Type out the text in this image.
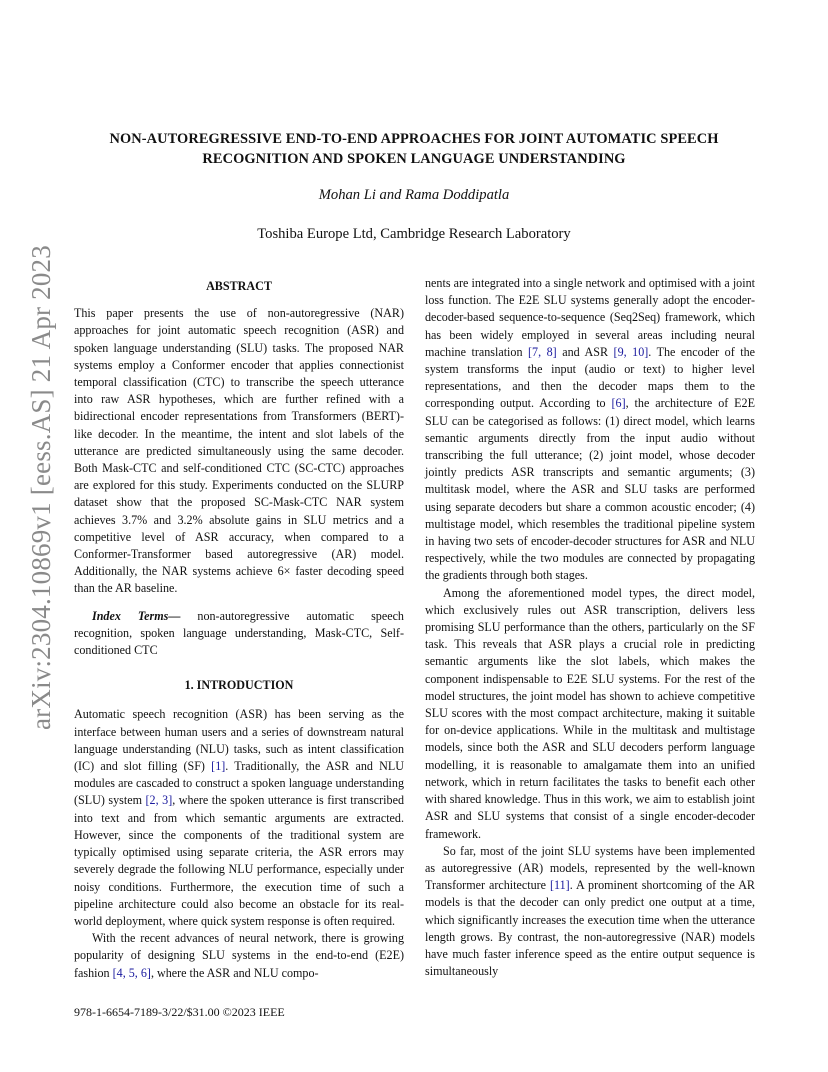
arXiv:2304.10869v1 [eess.AS] 21 Apr 2023
NON-AUTOREGRESSIVE END-TO-END APPROACHES FOR JOINT AUTOMATIC SPEECH
RECOGNITION AND SPOKEN LANGUAGE UNDERSTANDING
Mohan Li and Rama Doddipatla
Toshiba Europe Ltd, Cambridge Research Laboratory
ABSTRACT

This paper presents the use of non-autoregressive (NAR) approaches for joint automatic speech recognition (ASR) and spoken language understanding (SLU) tasks. The proposed NAR systems employ a Conformer encoder that applies connectionist temporal classification (CTC) to transcribe the speech utterance into raw ASR hypotheses, which are further refined with a bidirectional encoder representations from Transformers (BERT)-like decoder. In the meantime, the intent and slot labels of the utterance are predicted simultaneously using the same decoder. Both Mask-CTC and self-conditioned CTC (SC-CTC) approaches are explored for this study. Experiments conducted on the SLURP dataset show that the proposed SC-Mask-CTC NAR system achieves 3.7% and 3.2% absolute gains in SLU metrics and a competitive level of ASR accuracy, when compared to a Conformer-Transformer based autoregressive (AR) model. Additionally, the NAR systems achieve 6× faster decoding speed than the AR baseline.

Index Terms— non-autoregressive automatic speech recognition, spoken language understanding, Mask-CTC, Self-conditioned CTC

1. INTRODUCTION

Automatic speech recognition (ASR) has been serving as the interface between human users and a series of downstream natural language understanding (NLU) tasks, such as intent classification (IC) and slot filling (SF) [1]. Traditionally, the ASR and NLU modules are cascaded to construct a spoken language understanding (SLU) system [2, 3], where the spoken utterance is first transcribed into text and from which semantic arguments are extracted. However, since the components of the traditional system are typically optimised using separate criteria, the ASR errors may severely degrade the following NLU performance, especially under noisy conditions. Furthermore, the execution time of such a pipeline architecture could also become an obstacle for its real-world deployment, where quick system response is often required.

With the recent advances of neural network, there is growing popularity of designing SLU systems in the end-to-end (E2E) fashion [4, 5, 6], where the ASR and NLU compo-

nents are integrated into a single network and optimised with a joint loss function. The E2E SLU systems generally adopt the encoder-decoder-based sequence-to-sequence (Seq2Seq) framework, which has been widely employed in several areas including neural machine translation [7, 8] and ASR [9, 10]. The encoder of the system transforms the input (audio or text) to higher level representations, and then the decoder maps them to the corresponding output. According to [6], the architecture of E2E SLU can be categorised as follows: (1) direct model, which learns semantic arguments directly from the input audio without transcribing the full utterance; (2) joint model, whose decoder jointly predicts ASR transcripts and semantic arguments; (3) multitask model, where the ASR and SLU tasks are performed using separate decoders but share a common acoustic encoder; (4) multistage model, which resembles the traditional pipeline system in having two sets of encoder-decoder structures for ASR and NLU respectively, while the two modules are connected by propagating the gradients through both stages.

Among the aforementioned model types, the direct model, which exclusively rules out ASR transcription, delivers less promising SLU performance than the others, particularly on the SF task. This reveals that ASR plays a crucial role in predicting semantic arguments like the slot labels, which makes the component indispensable to E2E SLU systems. For the rest of the model structures, the joint model has shown to achieve competitive SLU scores with the most compact architecture, making it suitable for on-device applications. While in the multitask and multistage models, since both the ASR and SLU decoders perform language modelling, it is reasonable to amalgamate them into an unified network, which in return facilitates the tasks to benefit each other with shared knowledge. Thus in this work, we aim to establish joint ASR and SLU systems that consist of a single encoder-decoder framework.

So far, most of the joint SLU systems have been implemented as autoregressive (AR) models, represented by the well-known Transformer architecture [11]. A prominent shortcoming of the AR models is that the decoder can only predict one output at a time, which significantly increases the execution time when the utterance length grows. By contrast, the non-autoregressive (NAR) models have much faster inference speed as the entire output sequence is simultaneously

978-1-6654-7189-3/22/$31.00 ©2023 IEEE
